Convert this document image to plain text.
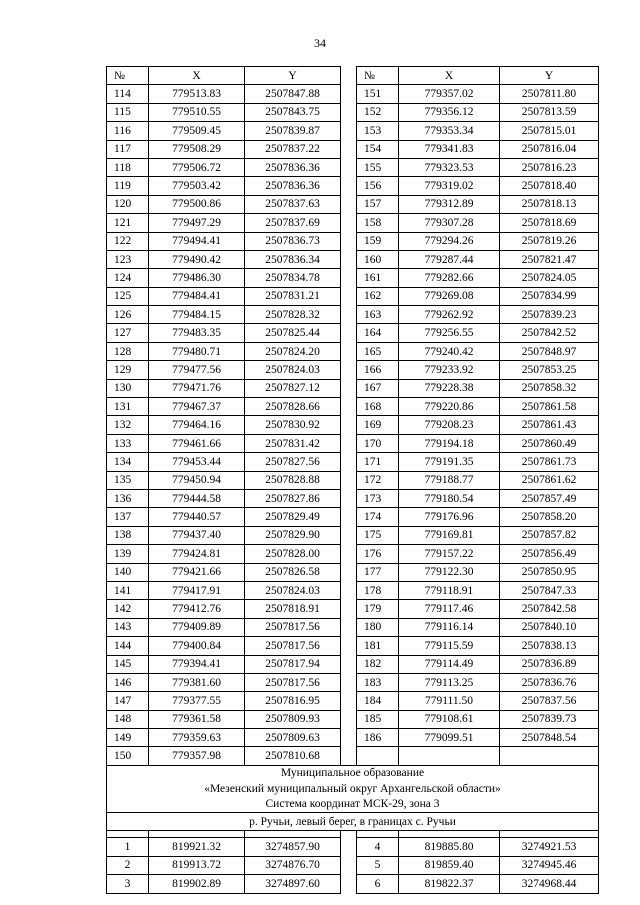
34
№	X	Y		№	X	Y
114	779513.83	2507847.88		151	779357.02	2507811.80
115	779510.55	2507843.75		152	779356.12	2507813.59
116	779509.45	2507839.87		153	779353.34	2507815.01
117	779508.29	2507837.22		154	779341.83	2507816.04
118	779506.72	2507836.36		155	779323.53	2507816.23
119	779503.42	2507836.36		156	779319.02	2507818.40
120	779500.86	2507837.63		157	779312.89	2507818.13
121	779497.29	2507837.69		158	779307.28	2507818.69
122	779494.41	2507836.73		159	779294.26	2507819.26
123	779490.42	2507836.34		160	779287.44	2507821.47
124	779486.30	2507834.78		161	779282.66	2507824.05
125	779484.41	2507831.21		162	779269.08	2507834.99
126	779484.15	2507828.32		163	779262.92	2507839.23
127	779483.35	2507825.44		164	779256.55	2507842.52
128	779480.71	2507824.20		165	779240.42	2507848.97
129	779477.56	2507824.03		166	779233.92	2507853.25
130	779471.76	2507827.12		167	779228.38	2507858.32
131	779467.37	2507828.66		168	779220.86	2507861.58
132	779464.16	2507830.92		169	779208.23	2507861.43
133	779461.66	2507831.42		170	779194.18	2507860.49
134	779453.44	2507827.56		171	779191.35	2507861.73
135	779450.94	2507828.88		172	779188.77	2507861.62
136	779444.58	2507827.86		173	779180.54	2507857.49
137	779440.57	2507829.49		174	779176.96	2507858.20
138	779437.40	2507829.90		175	779169.81	2507857.82
139	779424.81	2507828.00		176	779157.22	2507856.49
140	779421.66	2507826.58		177	779122.30	2507850.95
141	779417.91	2507824.03		178	779118.91	2507847.33
142	779412.76	2507818.91		179	779117.46	2507842.58
143	779409.89	2507817.56		180	779116.14	2507840.10
144	779400.84	2507817.56		181	779115.59	2507838.13
145	779394.41	2507817.94		182	779114.49	2507836.89
146	779381.60	2507817.56		183	779113.25	2507836.76
147	779377.55	2507816.95		184	779111.50	2507837.56
148	779361.58	2507809.93		185	779108.61	2507839.73
149	779359.63	2507809.63		186	779099.51	2507848.54
150	779357.98	2507810.68				
Муниципальное образование						
«Мезенский муниципальный округ Архангельской области»						
Система координат МСК-29, зона 3						
р. Ручьи, левый берег, в границах с. Ручьи						

1	819921.32	3274857.90		4	819885.80	3274921.53
2	819913.72	3274876.70		5	819859.40	3274945.46
3	819902.89	3274897.60		6	819822.37	3274968.44
